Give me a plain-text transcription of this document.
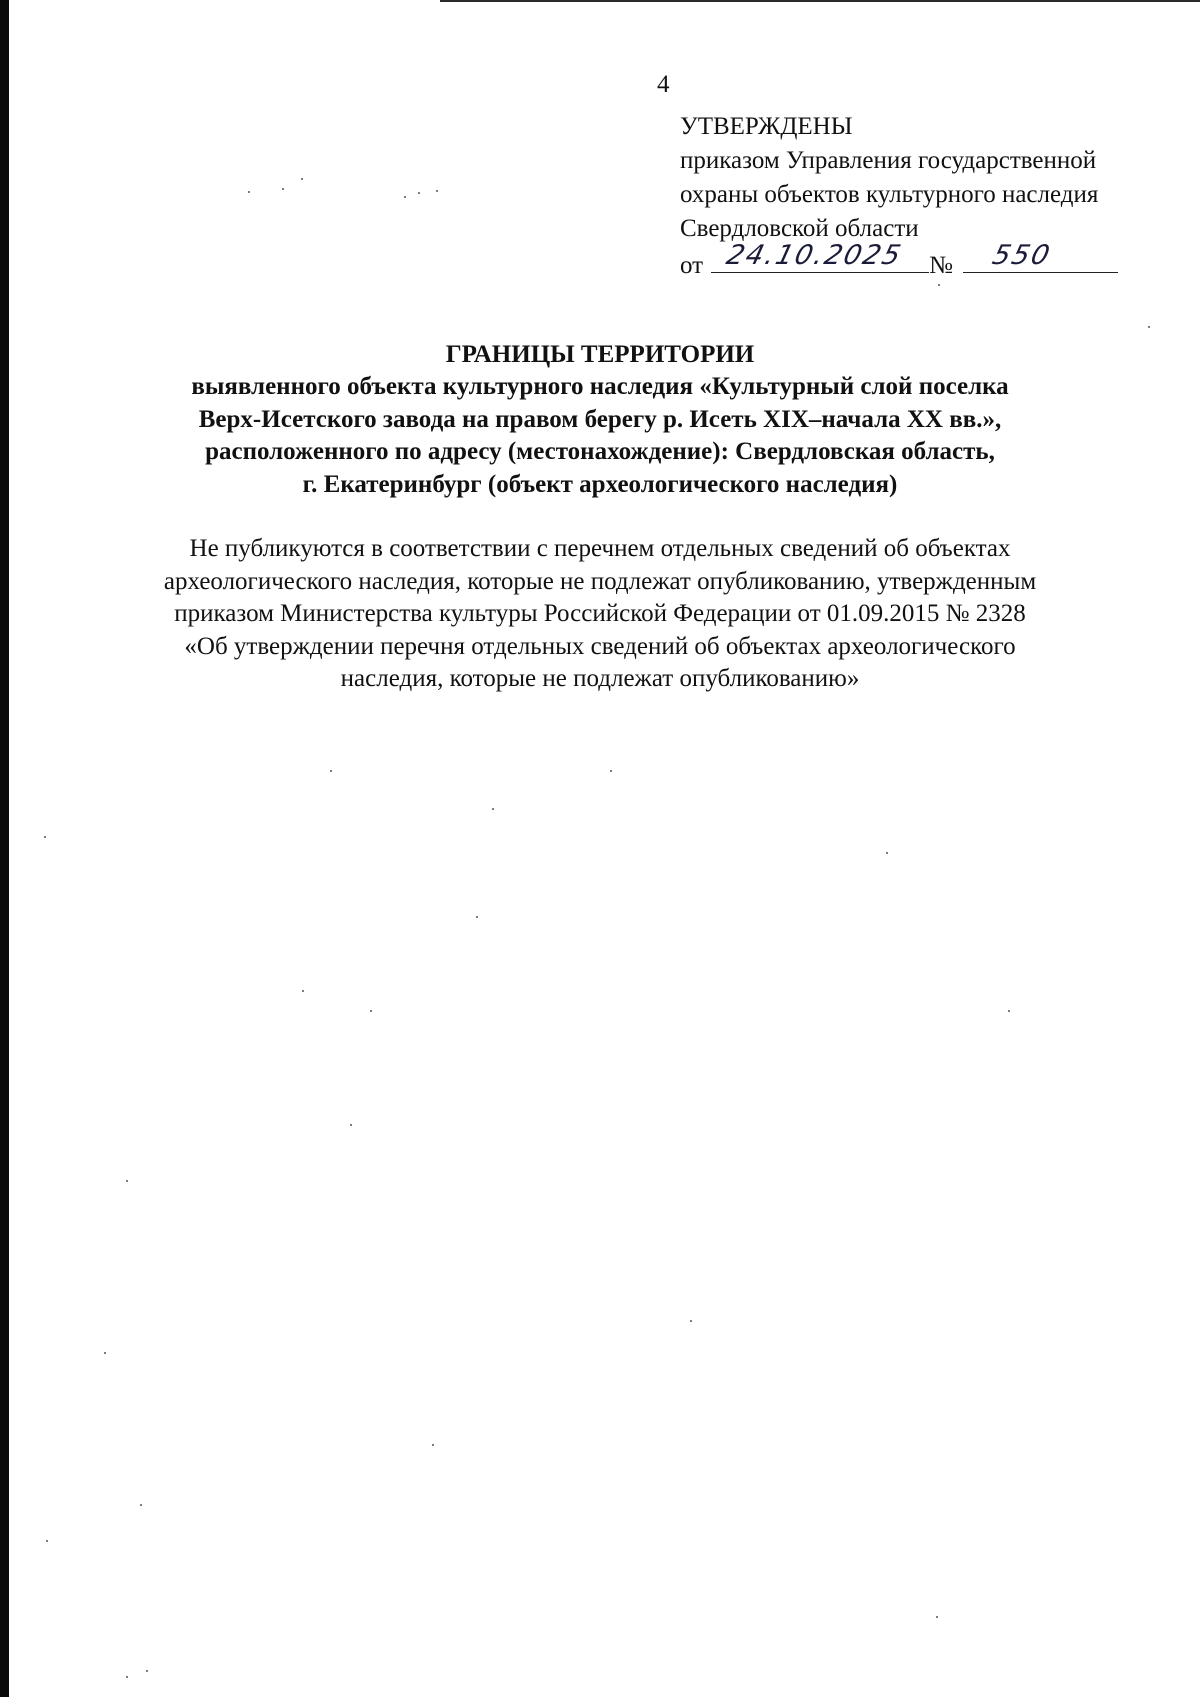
4
УТВЕРЖДЕНЫ
приказом Управления государственной
охраны объектов культурного наследия
Свердловской области
от 24.10.2025 № 550
ГРАНИЦЫ ТЕРРИТОРИИ
выявленного объекта культурного наследия «Культурный слой поселка
Верх-Исетского завода на правом берегу р. Исеть XIX–начала XX вв.»,
расположенного по адресу (местонахождение): Свердловская область,
г. Екатеринбург (объект археологического наследия)
Не публикуются в соответствии с перечнем отдельных сведений об объектах
археологического наследия, которые не подлежат опубликованию, утвержденным
приказом Министерства культуры Российской Федерации от 01.09.2015 № 2328
«Об утверждении перечня отдельных сведений об объектах археологического
наследия, которые не подлежат опубликованию»
